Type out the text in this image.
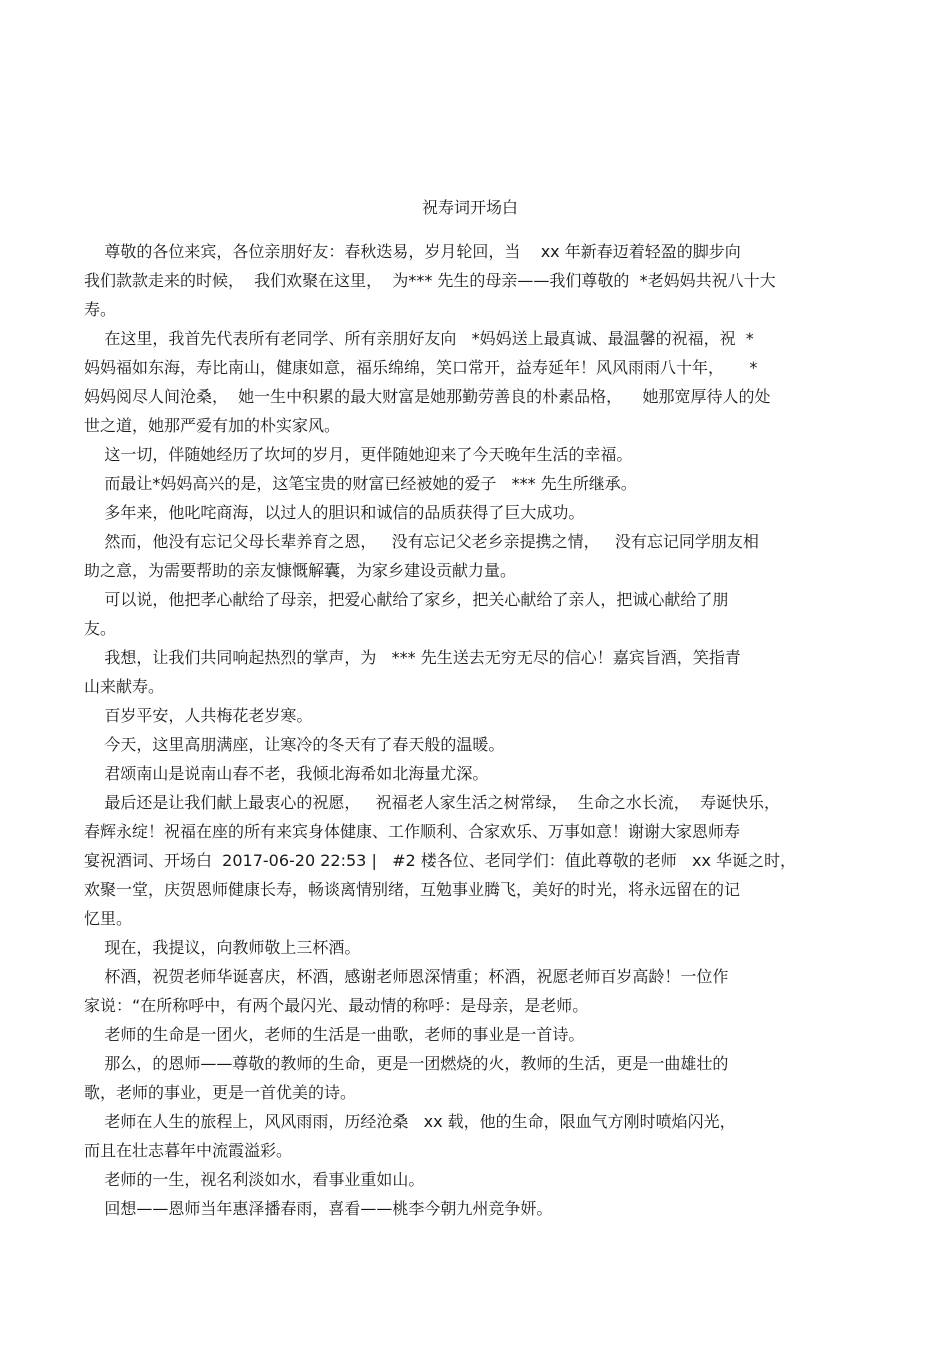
祝寿词开场白

尊敬的各位来宾，各位亲朋好友：春秋迭易，岁月轮回，当    xx 年新春迈着轻盈的脚步向
我们款款走来的时候，  我们欢聚在这里，  为*** 先生的母亲——我们尊敬的  *老妈妈共祝八十大
寿。

在这里，我首先代表所有老同学、所有亲朋好友向   *妈妈送上最真诚、最温馨的祝福，祝  *
妈妈福如东海，寿比南山，健康如意，福乐绵绵，笑口常开，益寿延年！风风雨雨八十年，     *
妈妈阅尽人间沧桑，  她一生中积累的最大财富是她那勤劳善良的朴素品格，    她那宽厚待人的处
世之道，她那严爱有加的朴实家风。

这一切，伴随她经历了坎坷的岁月，更伴随她迎来了今天晚年生活的幸福。

而最让*妈妈高兴的是，这笔宝贵的财富已经被她的爱子   *** 先生所继承。

多年来，他叱咤商海，以过人的胆识和诚信的品质获得了巨大成功。

然而，他没有忘记父母长辈养育之恩，   没有忘记父老乡亲提携之情，   没有忘记同学朋友相
助之意，为需要帮助的亲友慷慨解囊，为家乡建设贡献力量。

可以说，他把孝心献给了母亲，把爱心献给了家乡，把关心献给了亲人，把诚心献给了朋
友。

我想，让我们共同响起热烈的掌声，为   *** 先生送去无穷无尽的信心！嘉宾旨酒，笑指青
山来献寿。

百岁平安，人共梅花老岁寒。

今天，这里高朋满座，让寒冷的冬天有了春天般的温暖。

君颂南山是说南山春不老，我倾北海希如北海量尤深。

最后还是让我们献上最衷心的祝愿，   祝福老人家生活之树常绿，  生命之水长流，  寿诞快乐，
春辉永绽！祝福在座的所有来宾身体健康、工作顺利、合家欢乐、万事如意！谢谢大家恩师寿
宴祝酒词、开场白  2017-06-20 22:53 |   #2 楼各位、老同学们：值此尊敬的老师   xx 华诞之时，
欢聚一堂，庆贺恩师健康长寿，畅谈离情别绪，互勉事业腾飞，美好的时光，将永远留在的记
忆里。

现在，我提议，向教师敬上三杯酒。

杯酒，祝贺老师华诞喜庆，杯酒，感谢老师恩深情重；杯酒，祝愿老师百岁高龄！一位作
家说：“在所称呼中，有两个最闪光、最动情的称呼：是母亲，是老师。

老师的生命是一团火，老师的生活是一曲歌，老师的事业是一首诗。

那么，的恩师——尊敬的教师的生命，更是一团燃烧的火，教师的生活，更是一曲雄壮的
歌，老师的事业，更是一首优美的诗。

老师在人生的旅程上，风风雨雨，历经沧桑   xx 载，他的生命，限血气方刚时喷焰闪光，
而且在壮志暮年中流霞溢彩。

老师的一生，视名利淡如水，看事业重如山。

回想——恩师当年惠泽播春雨，喜看——桃李今朝九州竞争妍。
